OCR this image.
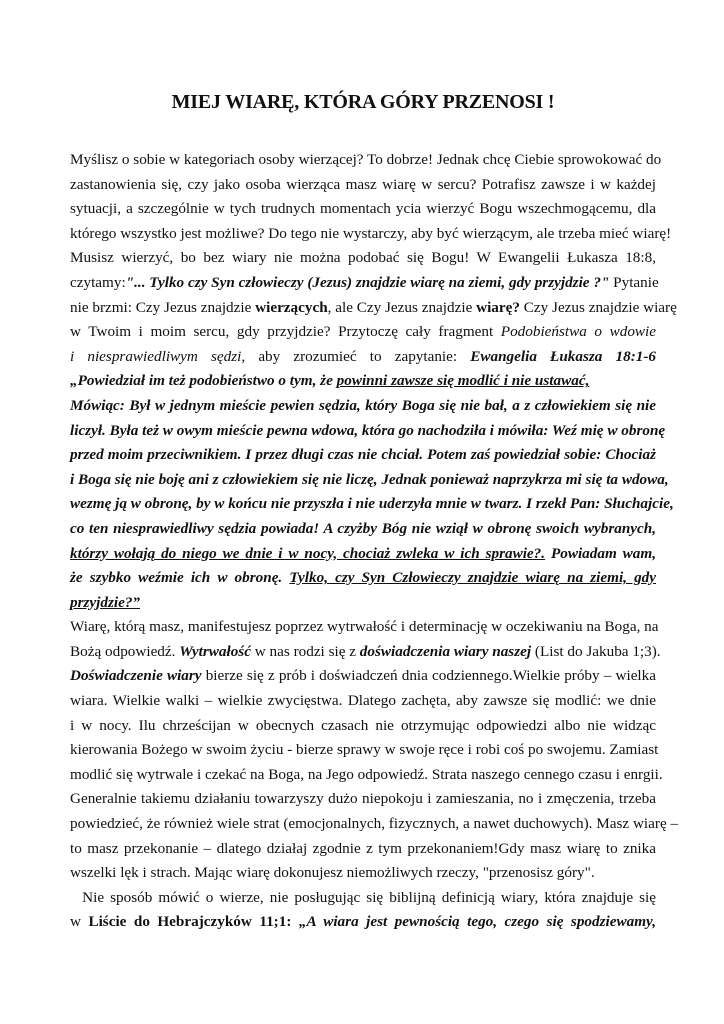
MIEJ WIARĘ, KTÓRA GÓRY PRZENOSI !
Myślisz o sobie w kategoriach osoby wierzącej? To dobrze! Jednak chcę Ciebie sprowokować do
zastanowienia się, czy jako osoba wierząca masz wiarę w sercu? Potrafisz zawsze i w każdej
sytuacji, a szczególnie w tych trudnych momentach ycia wierzyć Bogu wszechmogącemu, dla
którego wszystko jest możliwe? Do tego nie wystarczy, aby być wierzącym, ale trzeba mieć wiarę!
Musisz wierzyć, bo bez wiary nie można podobać się Bogu! W Ewangelii Łukasza 18:8,
czytamy:"... Tylko czy Syn człowieczy (Jezus) znajdzie wiarę na ziemi, gdy przyjdzie ?" Pytanie
nie brzmi: Czy Jezus znajdzie wierzących, ale Czy Jezus znajdzie wiarę? Czy Jezus znajdzie wiarę
w Twoim i moim sercu, gdy przyjdzie? Przytoczę cały fragment Podobieństwa o wdowie
i niesprawiedliwym sędzi, aby zrozumieć to zapytanie: Ewangelia Łukasza 18:1-6
„Powiedział im też podobieństwo o tym, że powinni zawsze się modlić i nie ustawać,
Mówiąc: Był w jednym mieście pewien sędzia, który Boga się nie bał, a z człowiekiem się nie
liczył. Była też w owym mieście pewna wdowa, która go nachodziła i mówiła: Weź mię w obronę
przed moim przeciwnikiem. I przez długi czas nie chciał. Potem zaś powiedział sobie: Chociaż
i Boga się nie boję ani z człowiekiem się nie liczę, Jednak ponieważ naprzykrza mi się ta wdowa,
wezmę ją w obronę, by w końcu nie przyszła i nie uderzyła mnie w twarz. I rzekł Pan: Słuchajcie,
co ten niesprawiedliwy sędzia powiada! A czyżby Bóg nie wziął w obronę swoich wybranych,
którzy wołają do niego we dnie i w nocy, chociaż zwleka w ich sprawie?. Powiadam wam,
że szybko weźmie ich w obronę. Tylko, czy Syn Człowieczy znajdzie wiarę na ziemi, gdy
przyjdzie?”
Wiarę, którą masz, manifestujesz poprzez wytrwałość i determinację w oczekiwaniu na Boga, na
Bożą odpowiedź. Wytrwałość w nas rodzi się z doświadczenia wiary naszej (List do Jakuba 1;3).
Doświadczenie wiary bierze się z prób i doświadczeń dnia codziennego.Wielkie próby – wielka
wiara. Wielkie walki – wielkie zwycięstwa. Dlatego zachęta, aby zawsze się modlić: we dnie
i w nocy. Ilu chrześcijan w obecnych czasach nie otrzymując odpowiedzi albo nie widząc
kierowania Bożego w swoim życiu - bierze sprawy w swoje ręce i robi coś po swojemu. Zamiast
modlić się wytrwale i czekać na Boga, na Jego odpowiedź. Strata naszego cennego czasu i enrgii.
Generalnie takiemu działaniu towarzyszy dużo niepokoju i zamieszania, no i zmęczenia, trzeba
powiedzieć, że również wiele strat (emocjonalnych, fizycznych, a nawet duchowych). Masz wiarę –
to masz przekonanie – dlatego działaj zgodnie z tym przekonaniem!Gdy masz wiarę to znika
wszelki lęk i strach. Mając wiarę dokonujesz niemożliwych rzeczy, "przenosisz góry".
Nie sposób mówić o wierze, nie posługując się biblijną definicją wiary, która znajduje się
w Liście do Hebrajczyków 11;1: „A wiara jest pewnością tego, czego się spodziewamy,
